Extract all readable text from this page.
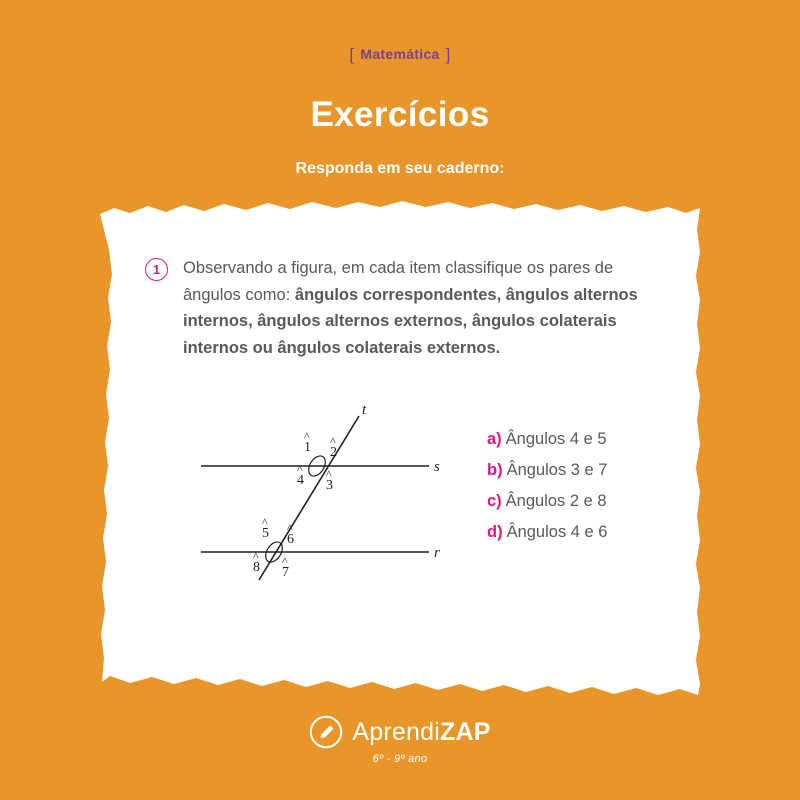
[ Matemática ]
Exercícios
Responda em seu caderno:
1	Observando a figura, em cada item classifique os pares de ângulos como: ângulos correspondentes, ângulos alternos internos, ângulos alternos externos, ângulos colaterais internos ou ângulos colaterais externos.
t
s
r
1
^
2
^
3
^
4
^
5
^
6
^
7
^
8
^
a) Ângulos 4 e 5
b) Ângulos 3 e 7
c) Ângulos 2 e 8
d) Ângulos 4 e 6
AprendiZAP
6º - 9º ano
